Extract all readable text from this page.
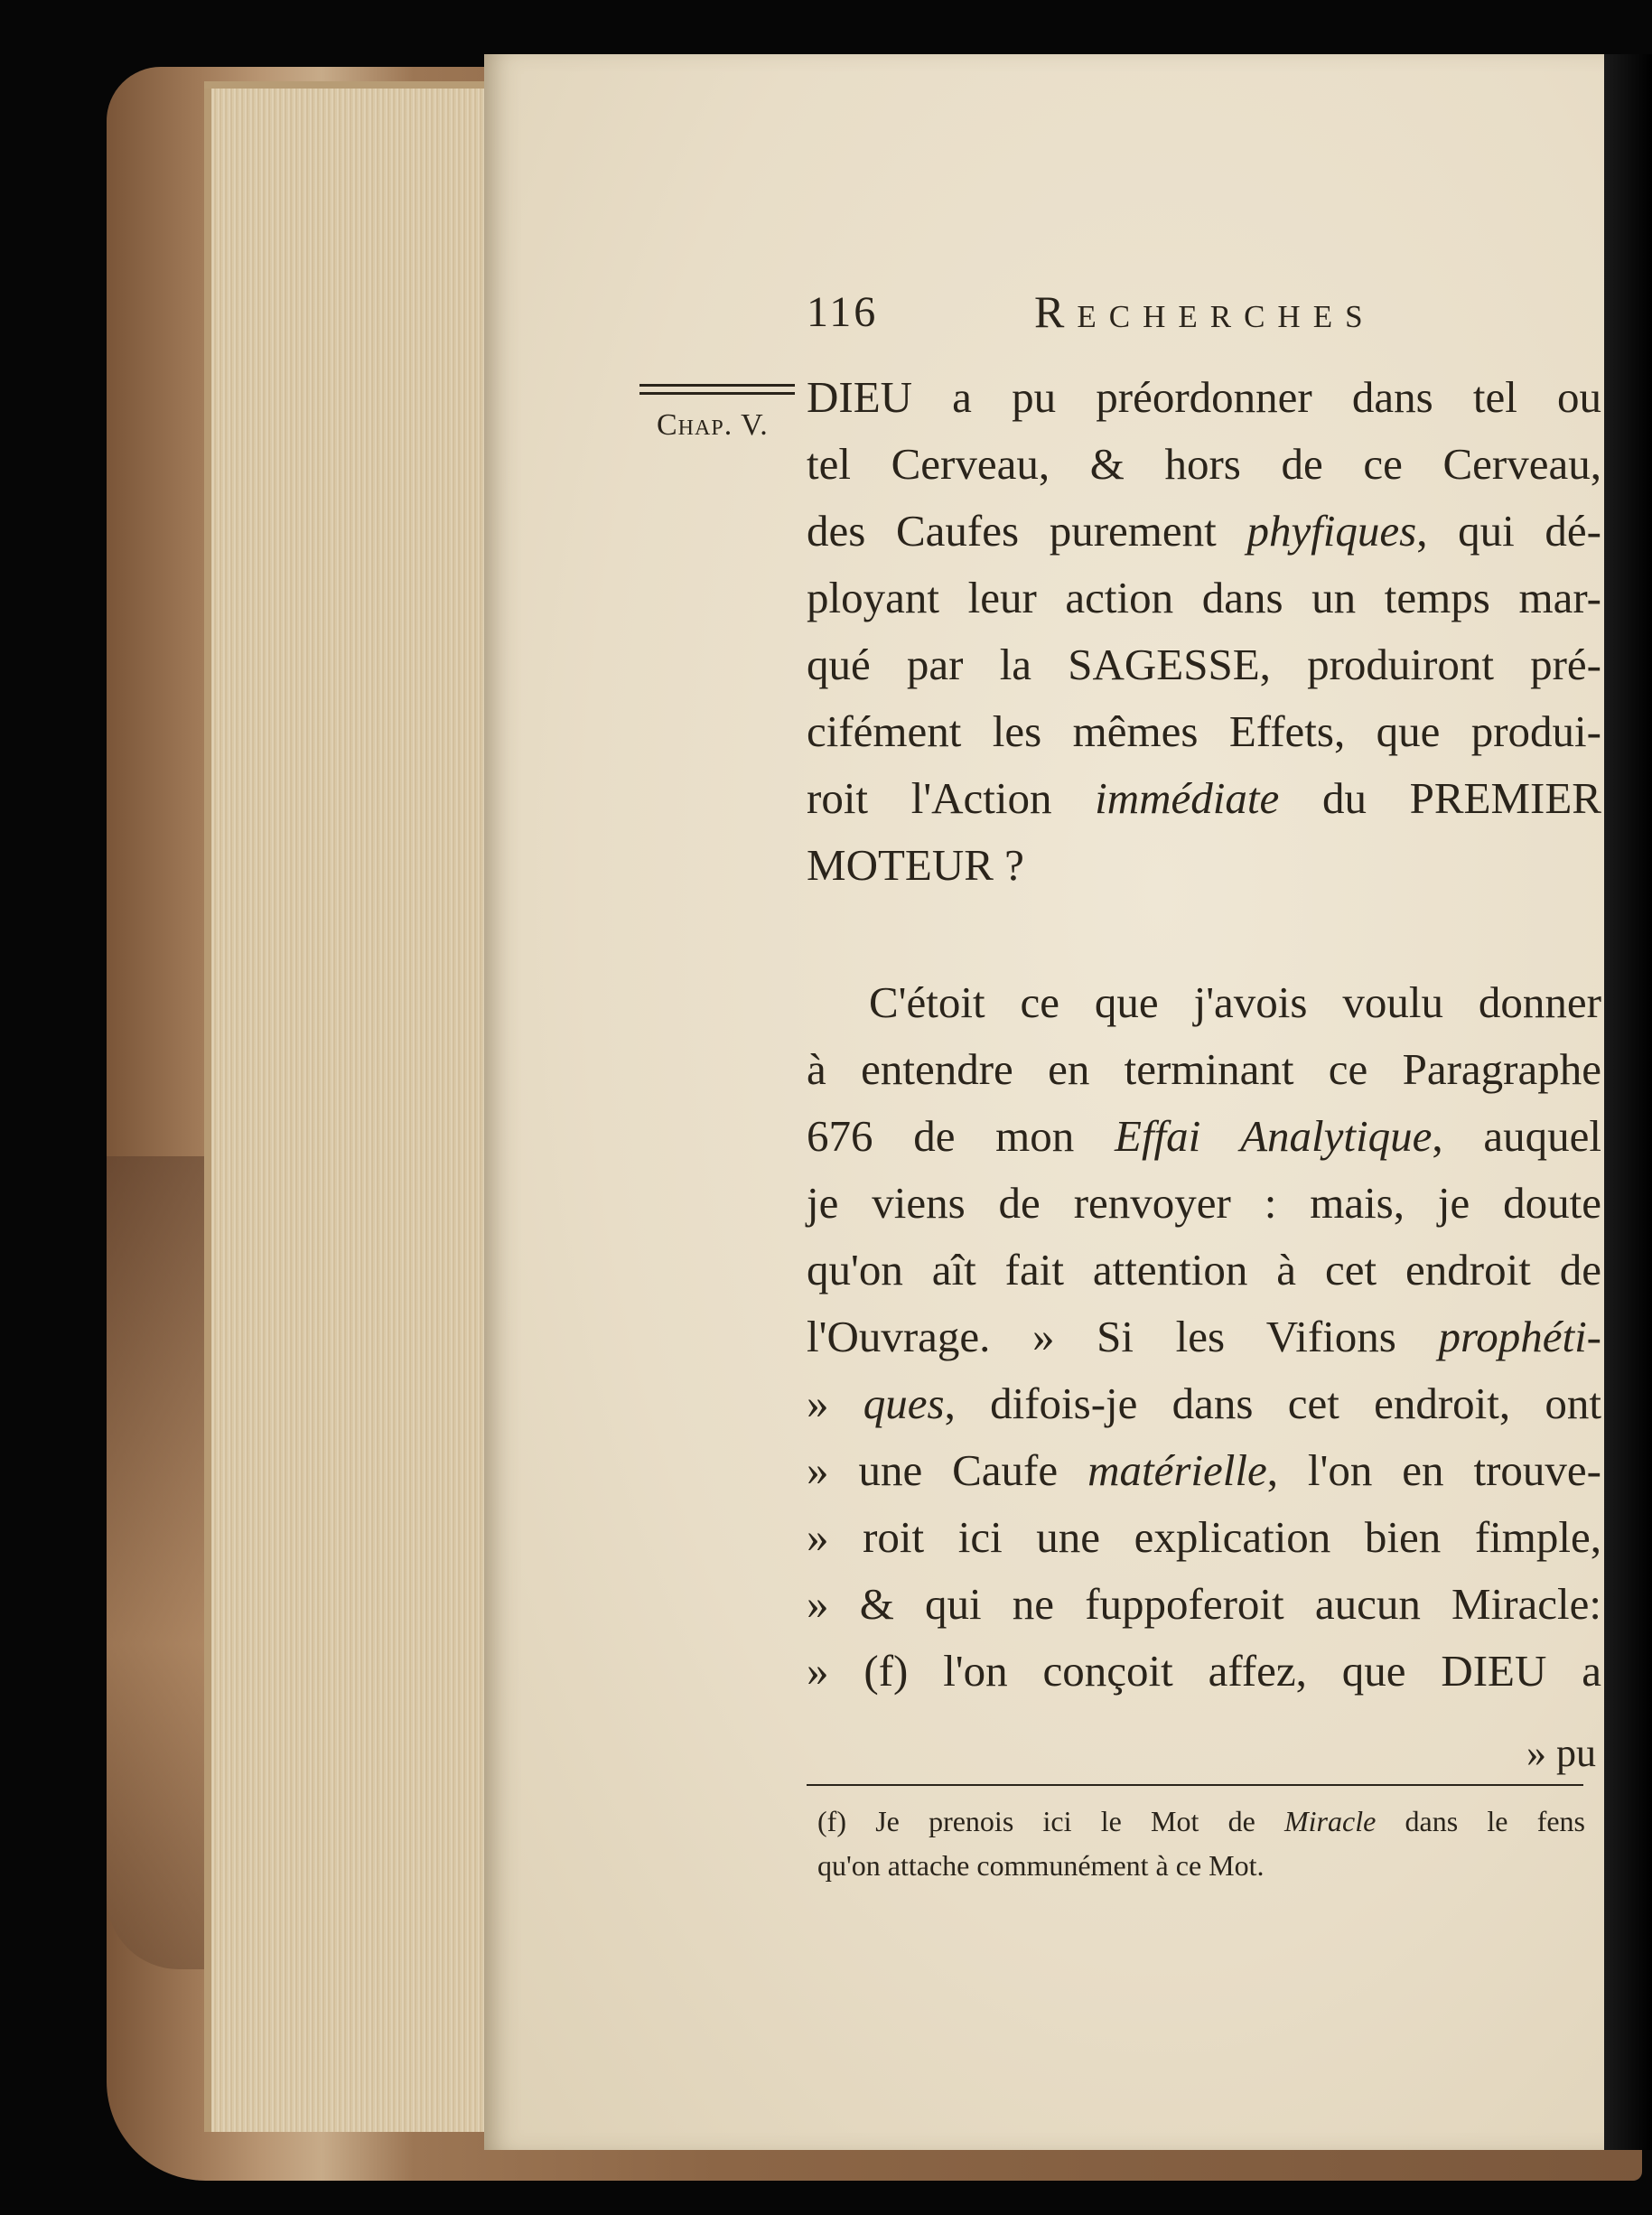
116	Recherches
Chap. V.
DIEU a pu préordonner dans tel ou
tel Cerveau, & hors de ce Cerveau,
des Caufes purement phyfiques, qui dé-
ployant leur action dans un temps mar-
qué par la SAGESSE, produiront pré-
cifément les mêmes Effets, que produi-
roit l'Action immédiate du PREMIER
MOTEUR ?
C'étoit ce que j'avois voulu donner
à entendre en terminant ce Paragraphe
676 de mon Effai Analytique, auquel
je viens de renvoyer : mais, je doute
qu'on aît fait attention à cet endroit de
l'Ouvrage. » Si les Vifions prophéti-
» ques, difois-je dans cet endroit, ont
» une Caufe matérielle, l'on en trouve-
» roit ici une explication bien fimple,
» & qui ne fuppoferoit aucun Miracle:
» (f) l'on conçoit affez, que DIEU a
» pu
(f) Je prenois ici le Mot de Miracle dans le fens
qu'on attache communément à ce Mot.
